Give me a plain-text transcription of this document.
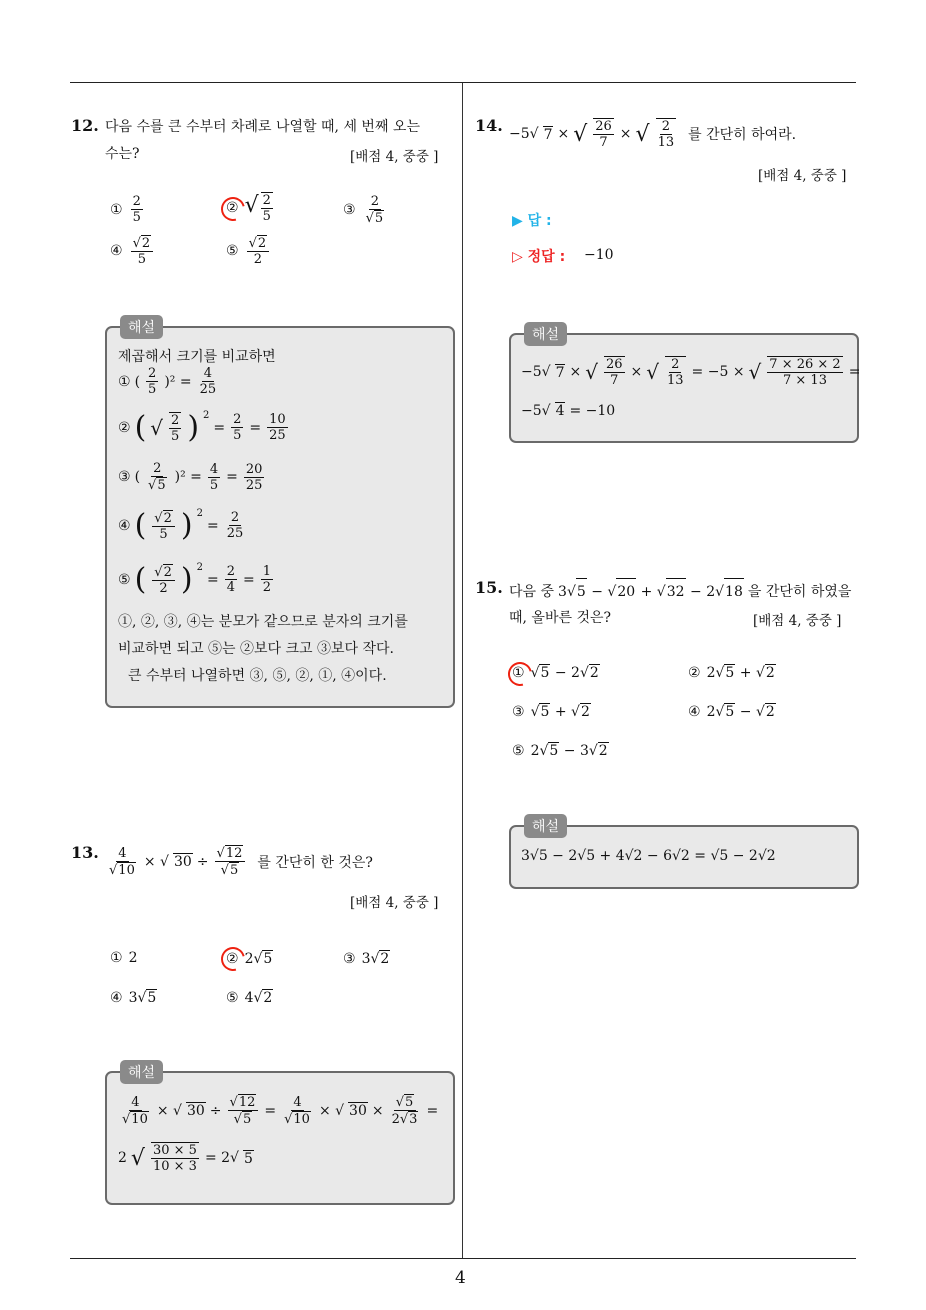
4
12. 다음 수를 큰 수부터 차례로 나열할 때, 세 번째 오는
수는?	[배점 4, 중중 ]
① $\frac{2}{5}$	② √ $\frac{2}{5}$	③ $\frac{2}{√5}$
④ $\frac{√2}{5}$	⑤ $\frac{√2}{2}$
해설
제곱해서 크기를 비교하면
① ( $\frac{2}{5} )^2 = \frac{4}{25}$
② ( √ $\frac{2}{5}$ ) $^2$
= $\frac{2}{5} = \frac{10}{25}$
③ ( $\frac{2}{√5} )^2 = \frac{4}{5} = \frac{20}{25}$
④ ( $\frac{√2}{5}$ ) $^2$
= $\frac{2}{25}$
⑤ ( $\frac{√2}{2}$ ) $^2$
= $\frac{2}{4} = \frac{1}{2}$
①, ②, ③, ④는 분모가 같으므로 분자의 크기를
비교하면 되고 ⑤는 ②보다 크고 ③보다 작다.
큰 수부터 나열하면 ③, ⑤, ②, ①, ④이다.
13. $\frac{4}{√10}$ × √ $30 \div \frac{√12}{√5}$ 를 간단히 한 것은?
[배점 4, 중중 ]
① 2	② 2√5	③ 3√2
④ 3√5	⑤ 4√2
해설
$\frac{4}{√10}$ × √ $30 \div \frac{√12}{√5} = \frac{4}{√10}$ × √ $30 \times \frac{√5}{2√3}$ =
2 √ $\frac{30 \times 5}{10 \times 3} = 2√$ 5
14. −5√ 7 × √ $\frac{26}{7}$ × √ $\frac{2}{13}$ 를 간단히 하여라.
[배점 4, 중중 ]
▶ 답 :
▷ 정답 : −10
해설
−5√ 7 × √ $\frac{26}{7}$ × √ $\frac{2}{13} = -5$ × √ $\frac{7 \times 26 \times 2}{7 \times 13}$ =
−5√ 4 = −10
15. 다음 중 3√5 − √20 + √32 − 2√18 을 간단히 하였을
때, 올바른 것은?	[배점 4, 중중 ]
① √5 − 2√2	② 2√5 + √2
③ √5 + √2	④ 2√5 − √2
⑤ 2√5 − 3√2
해설
3√5 − 2√5 + 4√2 − 6√2 = √5 − 2√2
